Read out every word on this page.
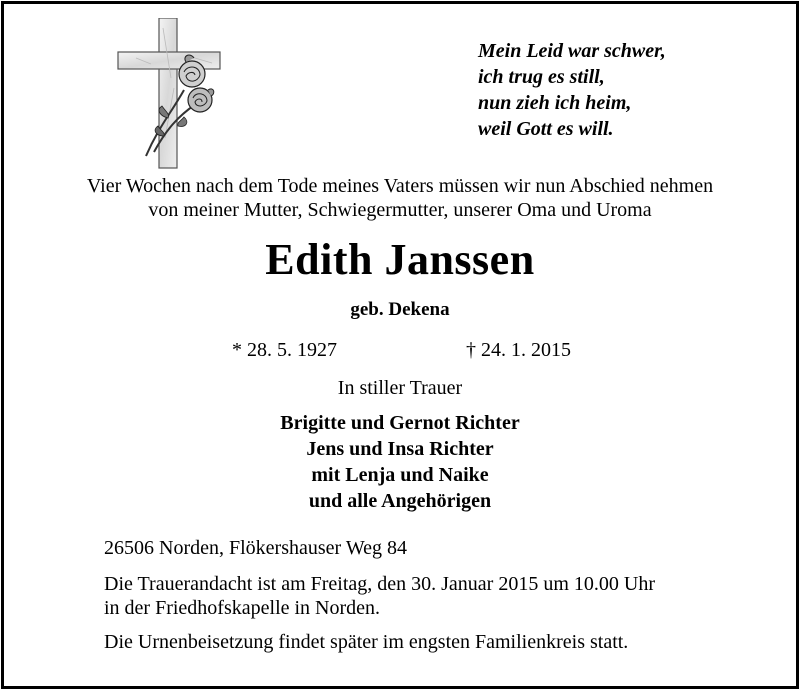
Mein Leid war schwer,
ich trug es still,
nun zieh ich heim,
weil Gott es will.
Vier Wochen nach dem Tode meines Vaters müssen wir nun Abschied nehmen
von meiner Mutter, Schwiegermutter, unserer Oma und Uroma
Edith Janssen
geb. Dekena
* 28. 5. 1927	† 24. 1. 2015
In stiller Trauer
Brigitte und Gernot Richter
Jens und Insa Richter
mit Lenja und Naike
und alle Angehörigen
26506 Norden, Flökershauser Weg 84
Die Trauerandacht ist am Freitag, den 30. Januar 2015 um 10.00 Uhr
in der Friedhofskapelle in Norden.
Die Urnenbeisetzung findet später im engsten Familienkreis statt.
